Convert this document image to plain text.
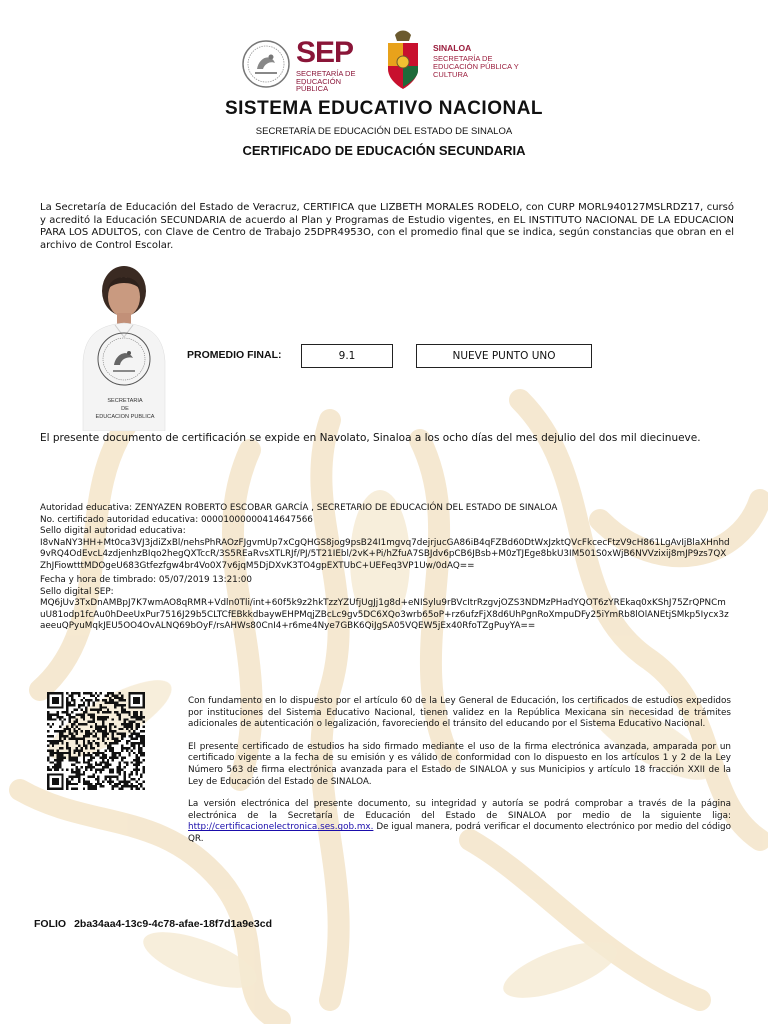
SEP
SECRETARÍA DE EDUCACIÓN PÚBLICA
SINALOA
SECRETARÍA DE EDUCACIÓN PÚBLICA Y CULTURA
SISTEMA EDUCATIVO NACIONAL
SECRETARÍA DE EDUCACIÓN DEL ESTADO DE SINALOA
CERTIFICADO DE EDUCACIÓN SECUNDARIA
La Secretaría de Educación del Estado de Veracruz, CERTIFICA que LIZBETH MORALES RODELO, con CURP MORL940127MSLRDZ17, cursó y acreditó la Educación SECUNDARIA de acuerdo al Plan y Programas de Estudio vigentes, en EL INSTITUTO NACIONAL DE LA EDUCACION PARA LOS ADULTOS, con Clave de Centro de Trabajo 25DPR4953O, con el promedio final que se indica, según constancias que obran en el archivo de Control Escolar.
SECRETARIA
DE
EDUCACION PUBLICA
PROMEDIO FINAL:	9.1	NUEVE PUNTO UNO
El presente documento de certificación se expide en Navolato, Sinaloa a los ocho días del mes dejulio del dos mil diecinueve.
Autoridad educativa: ZENYAZEN ROBERTO ESCOBAR GARCÍA , SECRETARIO DE EDUCACIÓN DEL ESTADO DE SINALOA
No. certificado autoridad educativa: 00001000000414647566
Sello digital autoridad educativa:
I8vNaNY3HH+Mt0ca3VJ3jdiZxBl/nehsPhRAOzFJgvmUp7xCgQHGS8jog9psB24I1mgvq7dejrjucGA86iB4qFZBd60DtWxJzktQVcFkcecFtzV9cH861LgAvIjBlaXHnhd9vRQ4OdEvcL4zdjenhzBIqo2hegQXTccR/3S5REaRvsXTLRJf/PJ/5T21IEbl/2vK+Pi/hZfuA7SBJdv6pCB6JBsb+M0zTJEge8bkU3IM501S0xWjB6NVVzixij8mJP9zs7QXZhJFiowtttMDOgeU683Gtfezfgw4br4Vo0X7v6jqM5DjDXvK3TO4gpEXTUbC+UEFeq3VP1Uw/0dAQ==
Fecha y hora de timbrado: 05/07/2019 13:21:00
Sello digital SEP:
MQ6jUv3TxDnAMBpJ7K7wmAO8qRMR+Vdln0Tli/int+60f5k9z2hkTzzYZUfjUgJj1g8d+eNISylu9rBVcItrRzgvjOZS3NDMzPHadYQOT6zYREkaq0xKShJ75ZrQPNCmuU81odp1fcAu0hDeeUxPur7516J29b5CLTCfEBkkdbaywEHPMqjZBcLc9gv5DC6XQo3wrb65oP+rz6ufzFjX8d6UhPgnRoXmpuDFy25iYmRb8lOlANEtjSMkp5Iycx3zaeeuQPyuMqkJEU5OO4OvALNQ69bOyF/rsAHWs80CnI4+r6me4Nye7GBK6QiJgSA05VQEW5jEx40RfoTZgPuyYA==

Con fundamento en lo dispuesto por el artículo 60 de la Ley General de Educación, los certificados de estudios expedidos por instituciones del Sistema Educativo Nacional, tienen validez en la República Mexicana sin necesidad de trámites adicionales de autenticación o legalización, favoreciendo el tránsito del educando por el Sistema Educativo Nacional.

El presente certificado de estudios ha sido firmado mediante el uso de la firma electrónica avanzada, amparada por un certificado vigente a la fecha de su emisión y es válido de conformidad con lo dispuesto en los artículos 1 y 2 de la Ley Número 563 de firma electrónica avanzada para el Estado de SINALOA y sus Municipios y artículo 18 fracción XXII de la Ley de Educación del Estado de SINALOA.

La versión electrónica del presente documento, su integridad y autoría se podrá comprobar a través de la página electrónica de la Secretaría de Educación del Estado de SINALOA por medio de la siguiente liga: http://certificacionelectronica.ses.gob.mx. De igual manera, podrá verificar el documento electrónico por medio del código QR.

FOLIO 2ba34aa4-13c9-4c78-afae-18f7d1a9e3cd
